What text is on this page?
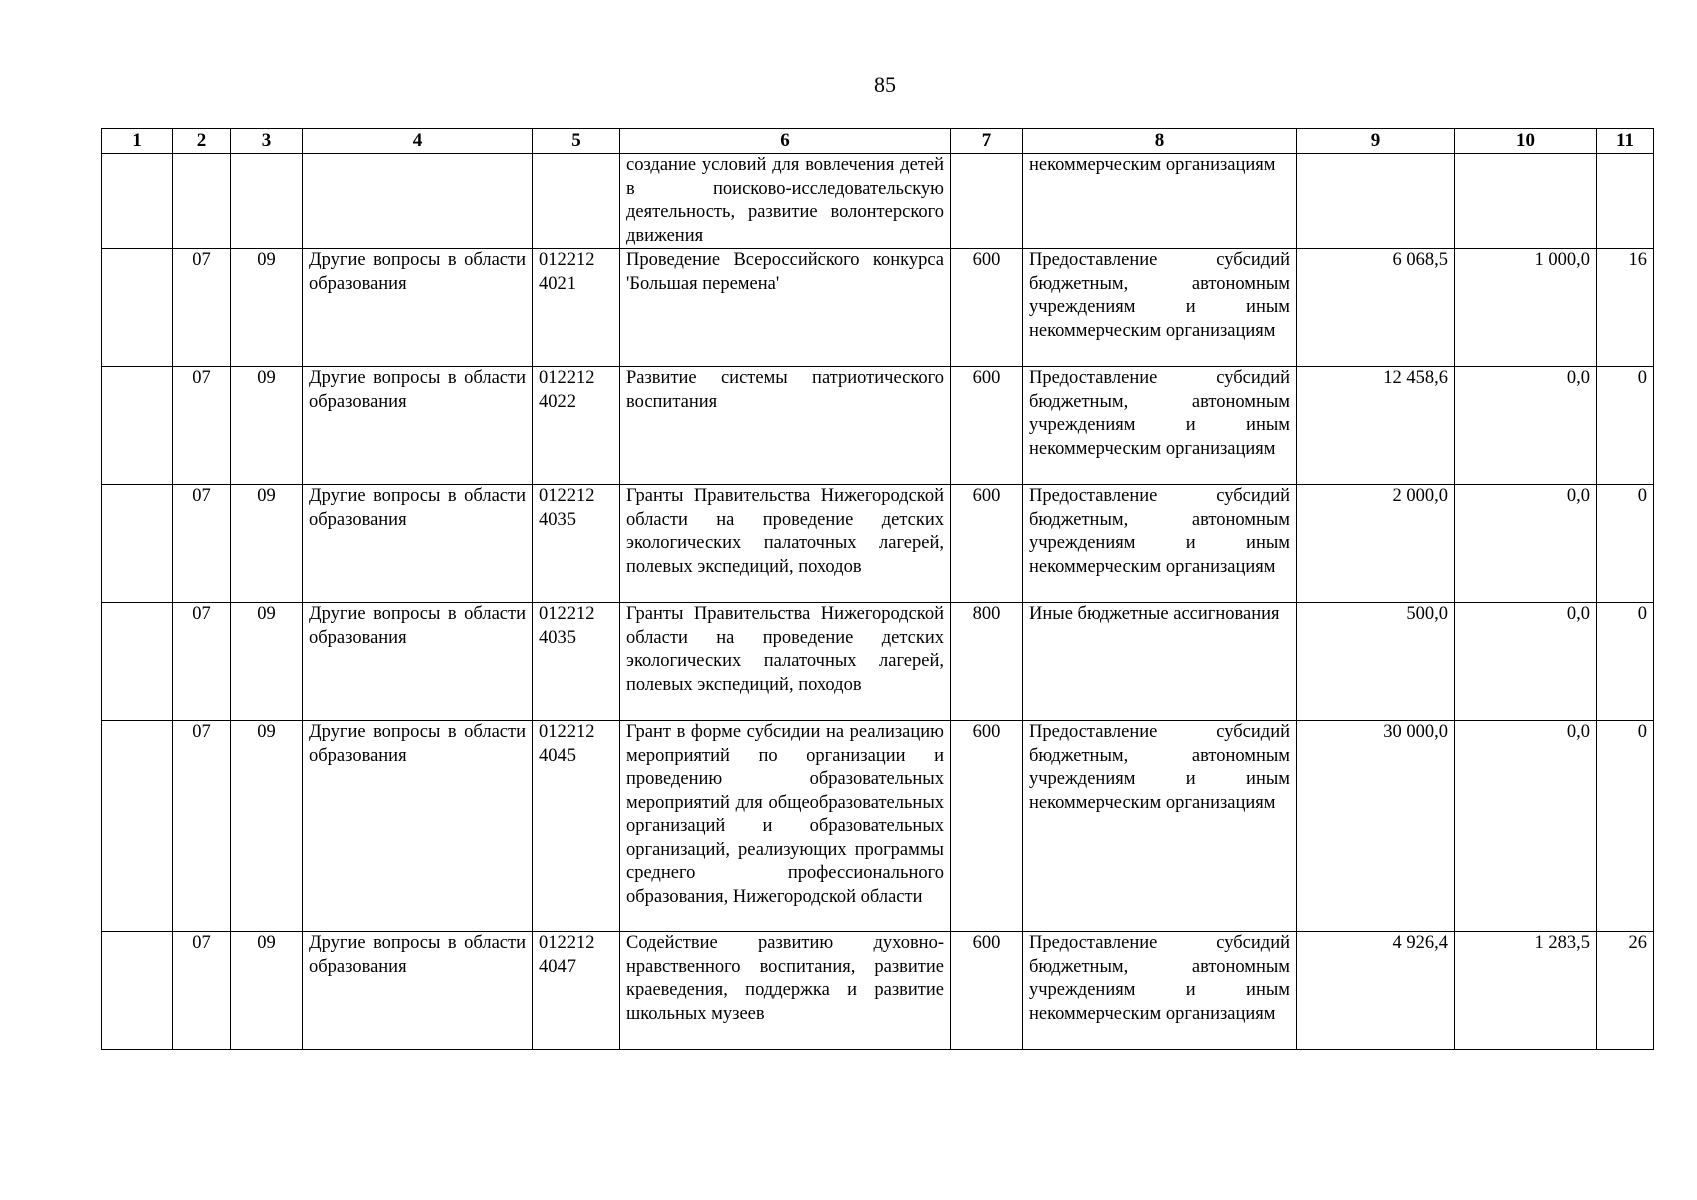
85
1	2	3	4	5	6	7	8	9	10	11
					создание условий для вовлечения детей в поисково-исследовательскую деятельность, развитие волонтерского движения		некоммерческим организациям			
	07	09	Другие вопросы в области образования	012212 4021	Проведение Всероссийского конкурса 'Большая перемена'	600	Предоставление субсидий бюджетным, автономным учреждениям и иным некоммерческим организациям	6 068,5	1 000,0	16
	07	09	Другие вопросы в области образования	012212 4022	Развитие системы патриотического воспитания	600	Предоставление субсидий бюджетным, автономным учреждениям и иным некоммерческим организациям	12 458,6	0,0	0
	07	09	Другие вопросы в области образования	012212 4035	Гранты Правительства Нижегородской области на проведение детских экологических палаточных лагерей, полевых экспедиций, походов	600	Предоставление субсидий бюджетным, автономным учреждениям и иным некоммерческим организациям	2 000,0	0,0	0
	07	09	Другие вопросы в области образования	012212 4035	Гранты Правительства Нижегородской области на проведение детских экологических палаточных лагерей, полевых экспедиций, походов	800	Иные бюджетные ассигнования	500,0	0,0	0
	07	09	Другие вопросы в области образования	012212 4045	Грант в форме субсидии на реализацию мероприятий по организации и проведению образовательных мероприятий для общеобразовательных организаций и образовательных организаций, реализующих программы среднего профессионального образования, Нижегородской области	600	Предоставление субсидий бюджетным, автономным учреждениям и иным некоммерческим организациям	30 000,0	0,0	0
	07	09	Другие вопросы в области образования	012212 4047	Содействие развитию духовно-нравственного воспитания, развитие краеведения, поддержка и развитие школьных музеев	600	Предоставление субсидий бюджетным, автономным учреждениям и иным некоммерческим организациям	4 926,4	1 283,5	26
